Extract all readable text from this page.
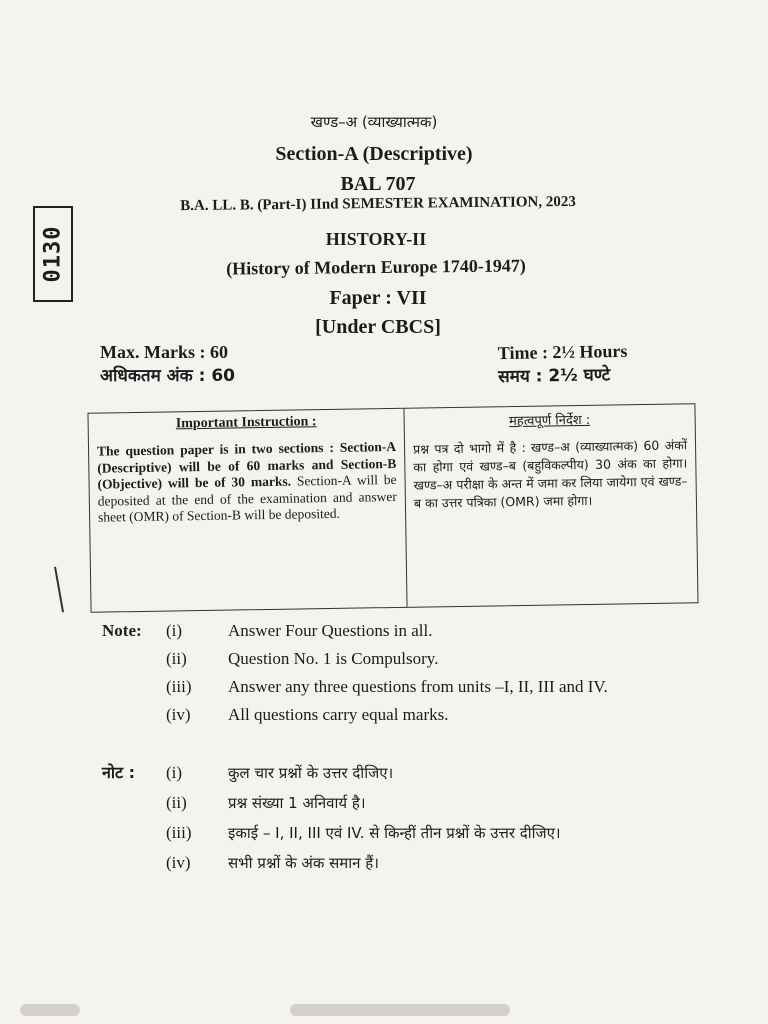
खण्ड–अ (व्याख्यात्मक)
Section-A (Descriptive)
BAL 707
B.A. LL. B. (Part-I) IInd SEMESTER EXAMINATION, 2023
HISTORY-II
(History of Modern Europe 1740-1947)
Faper : VII
[Under CBCS]
0130
Max. Marks : 60
अधिकतम अंक : 60
Time : 2½ Hours
समय : 2½ घण्टे
Important Instruction :
The question paper is in two sections : Section-A (Descriptive) will be of 60 marks and Section-B (Objective) will be of 30 marks. Section-A will be deposited at the end of the examination and answer sheet (OMR) of Section-B will be deposited.
महत्वपूर्ण निर्देश :
प्रश्न पत्र दो भागो में है : खण्ड–अ (व्याख्यात्मक) 60 अंकों का होगा एवं खण्ड–ब (बहुविकल्पीय) 30 अंक का होगा। खण्ड–अ परीक्षा के अन्त में जमा कर लिया जायेगा एवं खण्ड–ब का उत्तर पत्रिका (OMR) जमा होगा।
Note:	(i)	Answer Four Questions in all.
(ii)	Question No. 1 is Compulsory.
(iii)	Answer any three questions from units –I, II, III and IV.
(iv)	All questions carry equal marks.
नोट :	(i)	कुल चार प्रश्नों के उत्तर दीजिए।
(ii)	प्रश्न संख्या 1 अनिवार्य है।
(iii)	इकाई – I, II, III एवं IV. से किन्हीं तीन प्रश्नों के उत्तर दीजिए।
(iv)	सभी प्रश्नों के अंक समान हैं।
